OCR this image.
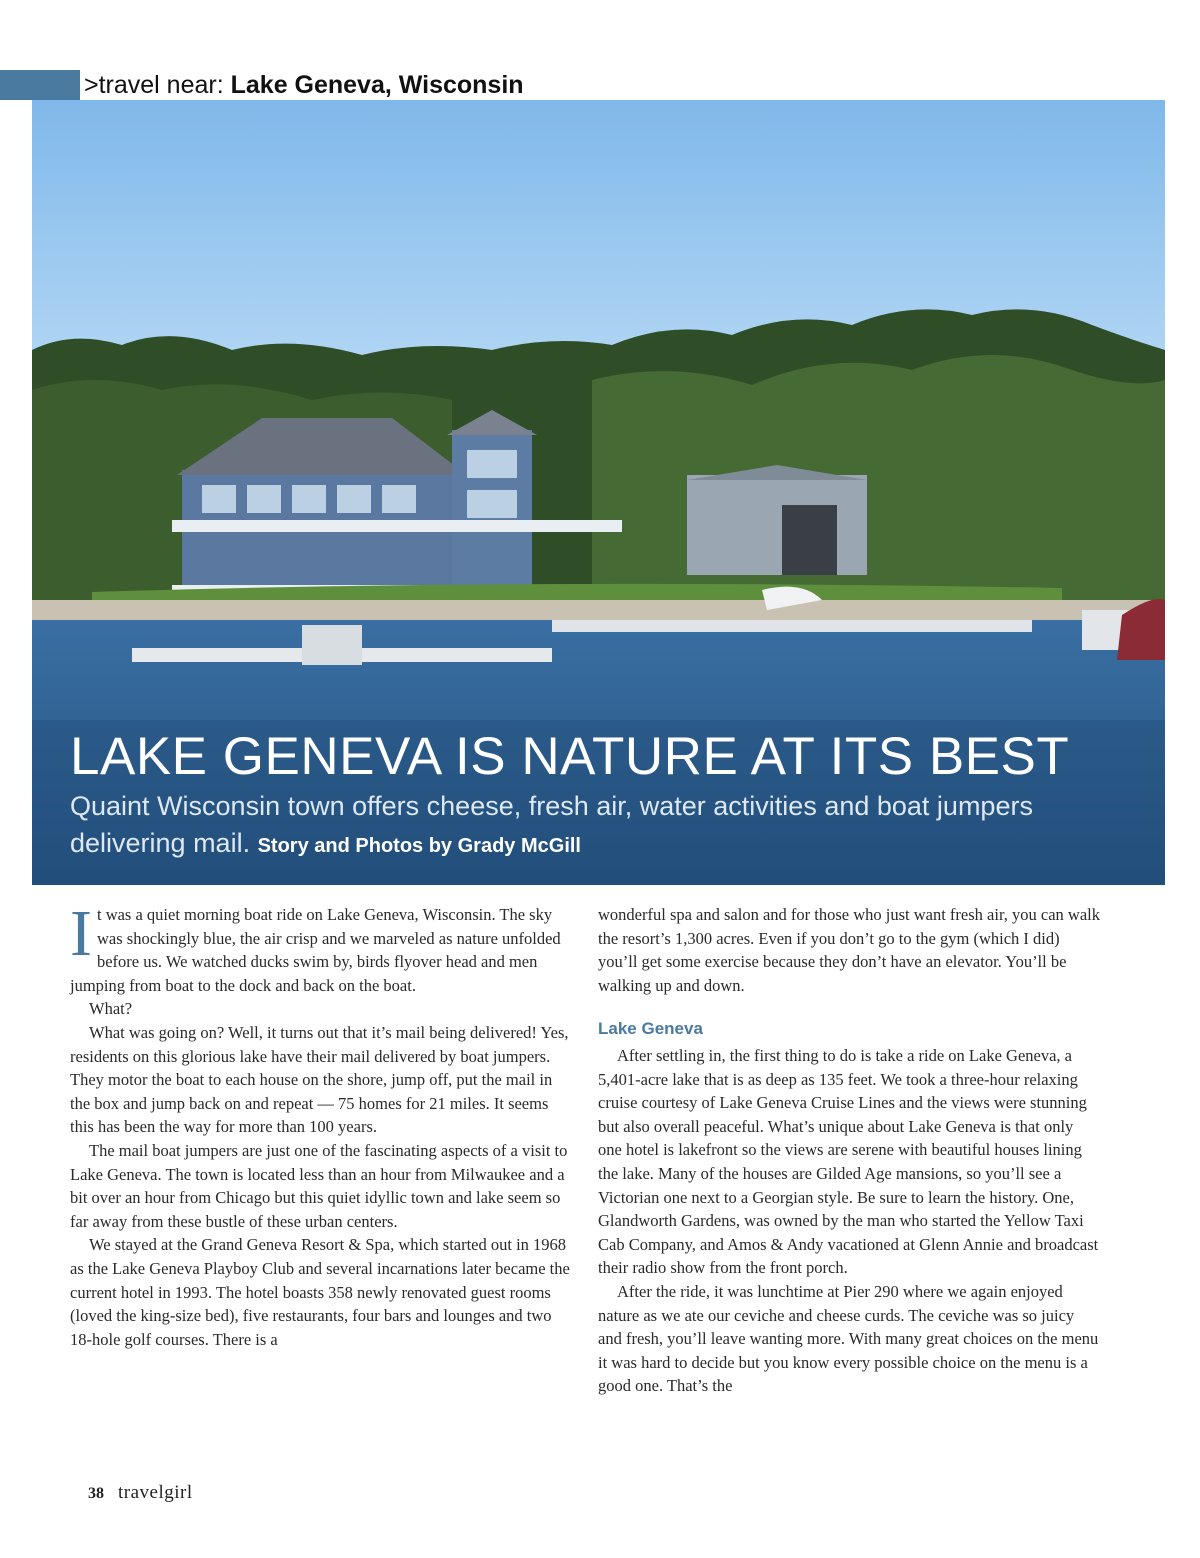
>travel near: Lake Geneva, Wisconsin
LAKE GENEVA IS NATURE AT ITS BEST
Quaint Wisconsin town offers cheese, fresh air, water activities and boat jumpers delivering mail. Story and Photos by Grady McGill

It was a quiet morning boat ride on Lake Geneva, Wisconsin. The sky was shockingly blue, the air crisp and we marveled as nature unfolded before us. We watched ducks swim by, birds flyover head and men jumping from boat to the dock and back on the boat.

What?

What was going on? Well, it turns out that it’s mail being delivered! Yes, residents on this glorious lake have their mail delivered by boat jumpers. They motor the boat to each house on the shore, jump off, put the mail in the box and jump back on and repeat — 75 homes for 21 miles. It seems this has been the way for more than 100 years.

The mail boat jumpers are just one of the fascinating aspects of a visit to Lake Geneva. The town is located less than an hour from Milwaukee and a bit over an hour from Chicago but this quiet idyllic town and lake seem so far away from these bustle of these urban centers.

We stayed at the Grand Geneva Resort & Spa, which started out in 1968 as the Lake Geneva Playboy Club and several incarnations later became the current hotel in 1993. The hotel boasts 358 newly renovated guest rooms (loved the king-size bed), five restaurants, four bars and lounges and two 18-hole golf courses. There is a

wonderful spa and salon and for those who just want fresh air, you can walk the resort’s 1,300 acres. Even if you don’t go to the gym (which I did) you’ll get some exercise because they don’t have an elevator. You’ll be walking up and down.

Lake Geneva

After settling in, the first thing to do is take a ride on Lake Geneva, a 5,401-acre lake that is as deep as 135 feet. We took a three-hour relaxing cruise courtesy of Lake Geneva Cruise Lines and the views were stunning but also overall peaceful. What’s unique about Lake Geneva is that only one hotel is lakefront so the views are serene with beautiful houses lining the lake. Many of the houses are Gilded Age mansions, so you’ll see a Victorian one next to a Georgian style. Be sure to learn the history. One, Glandworth Gardens, was owned by the man who started the Yellow Taxi Cab Company, and Amos & Andy vacationed at Glenn Annie and broadcast their radio show from the front porch.

After the ride, it was lunchtime at Pier 290 where we again enjoyed nature as we ate our ceviche and cheese curds. The ceviche was so juicy and fresh, you’ll leave wanting more. With many great choices on the menu it was hard to decide but you know every possible choice on the menu is a good one. That’s the

38 travelgirl
